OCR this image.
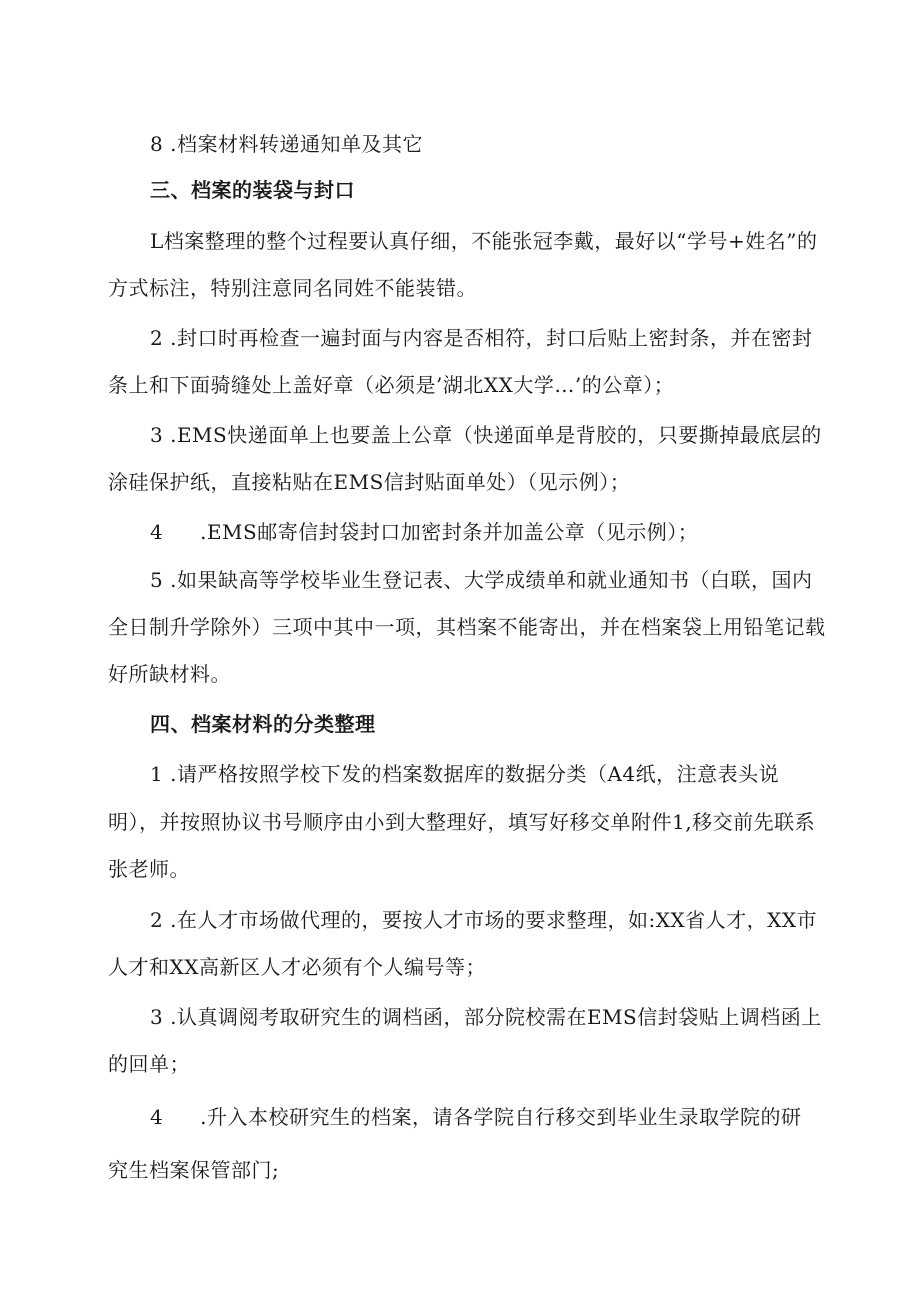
8 .档案材料转递通知单及其它
三、档案的装袋与封口
L档案整理的整个过程要认真仔细，不能张冠李戴，最好以“学号+姓名”的
方式标注，特别注意同名同姓不能装错。
2 .封口时再检查一遍封面与内容是否相符，封口后贴上密封条，并在密封
条上和下面骑缝处上盖好章（必须是’湖北XX大学…’的公章）；
3 .EMS快递面单上也要盖上公章（快递面单是背胶的，只要撕掉最底层的
涂硅保护纸，直接粘贴在EMS信封贴面单处）（见示例）；
4 .EMS邮寄信封袋封口加密封条并加盖公章（见示例）；
5 .如果缺高等学校毕业生登记表、大学成绩单和就业通知书（白联，国内
全日制升学除外）三项中其中一项，其档案不能寄出，并在档案袋上用铅笔记载
好所缺材料。
四、档案材料的分类整理
1 .请严格按照学校下发的档案数据库的数据分类（A4纸，注意表头说
明），并按照协议书号顺序由小到大整理好，填写好移交单附件1,移交前先联系
张老师。
2 .在人才市场做代理的，要按人才市场的要求整理，如:XX省人才，XX市
人才和XX高新区人才必须有个人编号等；
3 .认真调阅考取研究生的调档函，部分院校需在EMS信封袋贴上调档函上
的回单；
4 .升入本校研究生的档案，请各学院自行移交到毕业生录取学院的研
究生档案保管部门;
